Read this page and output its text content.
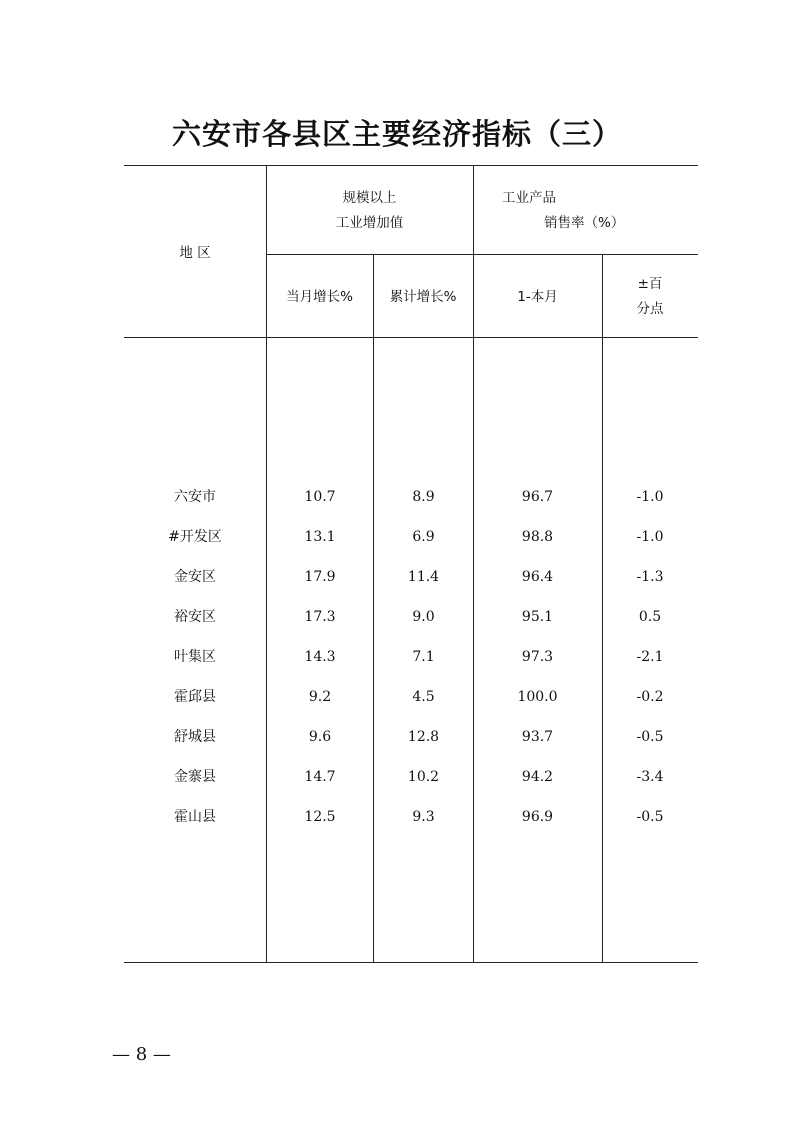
六安市各县区主要经济指标（三）
地 区
规模以上
工业增加值
工业产品
销售率（%）
当月增长%	累计增长%	1-本月
±百
分点
六安市	10.7	8.9	96.7	-1.0
#开发区	13.1	6.9	98.8	-1.0
金安区	17.9	11.4	96.4	-1.3
裕安区	17.3	9.0	95.1	0.5
叶集区	14.3	7.1	97.3	-2.1
霍邱县	9.2	4.5	100.0	-0.2
舒城县	9.6	12.8	93.7	-0.5
金寨县	14.7	10.2	94.2	-3.4
霍山县	12.5	9.3	96.9	-0.5
— 8 —
